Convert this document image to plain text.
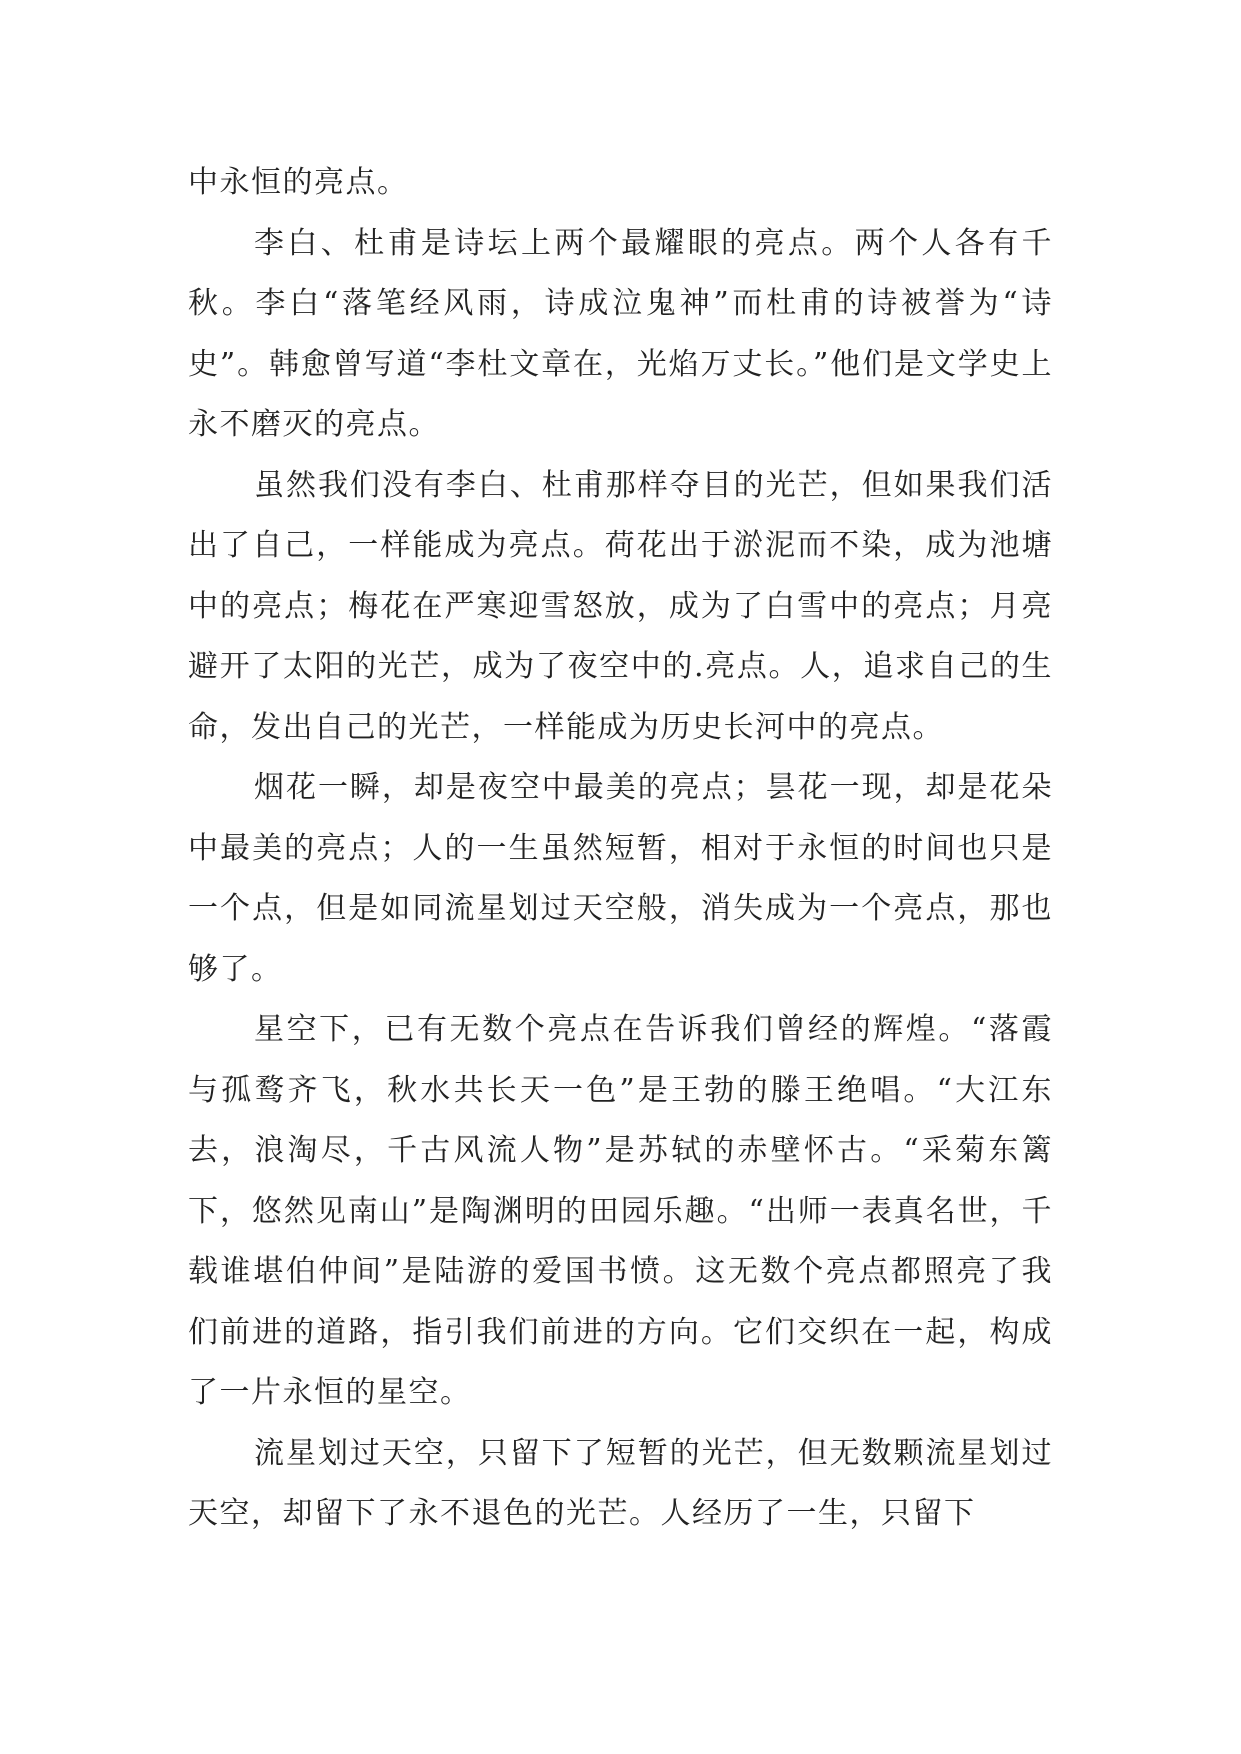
中永恒的亮点。

李白、杜甫是诗坛上两个最耀眼的亮点。两个人各有千秋。李白“落笔经风雨，诗成泣鬼神”而杜甫的诗被誉为“诗史”。韩愈曾写道“李杜文章在，光焰万丈长。”他们是文学史上永不磨灭的亮点。

虽然我们没有李白、杜甫那样夺目的光芒，但如果我们活出了自己，一样能成为亮点。荷花出于淤泥而不染，成为池塘中的亮点；梅花在严寒迎雪怒放，成为了白雪中的亮点；月亮避开了太阳的光芒，成为了夜空中的.亮点。人，追求自己的生命，发出自己的光芒，一样能成为历史长河中的亮点。

烟花一瞬，却是夜空中最美的亮点；昙花一现，却是花朵中最美的亮点；人的一生虽然短暂，相对于永恒的时间也只是一个点，但是如同流星划过天空般，消失成为一个亮点，那也够了。

星空下，已有无数个亮点在告诉我们曾经的辉煌。“落霞与孤鹜齐飞，秋水共长天一色”是王勃的滕王绝唱。“大江东去，浪淘尽，千古风流人物”是苏轼的赤壁怀古。“采菊东篱下，悠然见南山”是陶渊明的田园乐趣。“出师一表真名世，千载谁堪伯仲间”是陆游的爱国书愤。这无数个亮点都照亮了我们前进的道路，指引我们前进的方向。它们交织在一起，构成了一片永恒的星空。

流星划过天空，只留下了短暂的光芒，但无数颗流星划过天空，却留下了永不退色的光芒。人经历了一生，只留下
